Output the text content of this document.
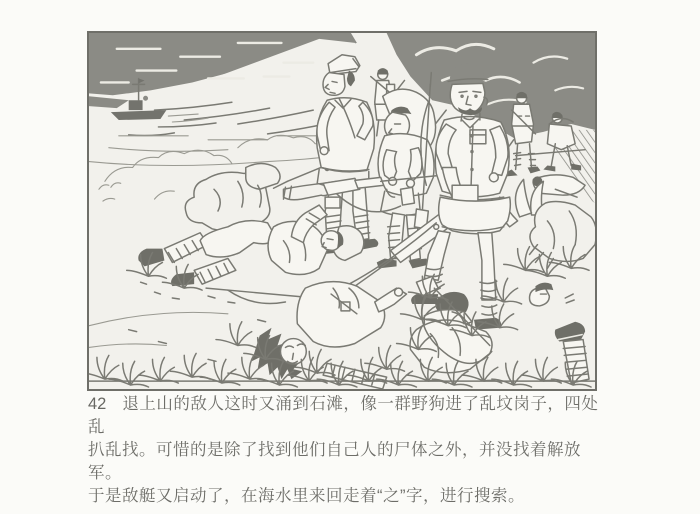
42 退上山的敌人这时又涌到石滩，像一群野狗进了乱坟岗子，四处乱

扒乱找。可惜的是除了找到他们自己人的尸体之外，并没找着解放军。

于是敌艇又启动了，在海水里来回走着“之”字，进行搜索。
